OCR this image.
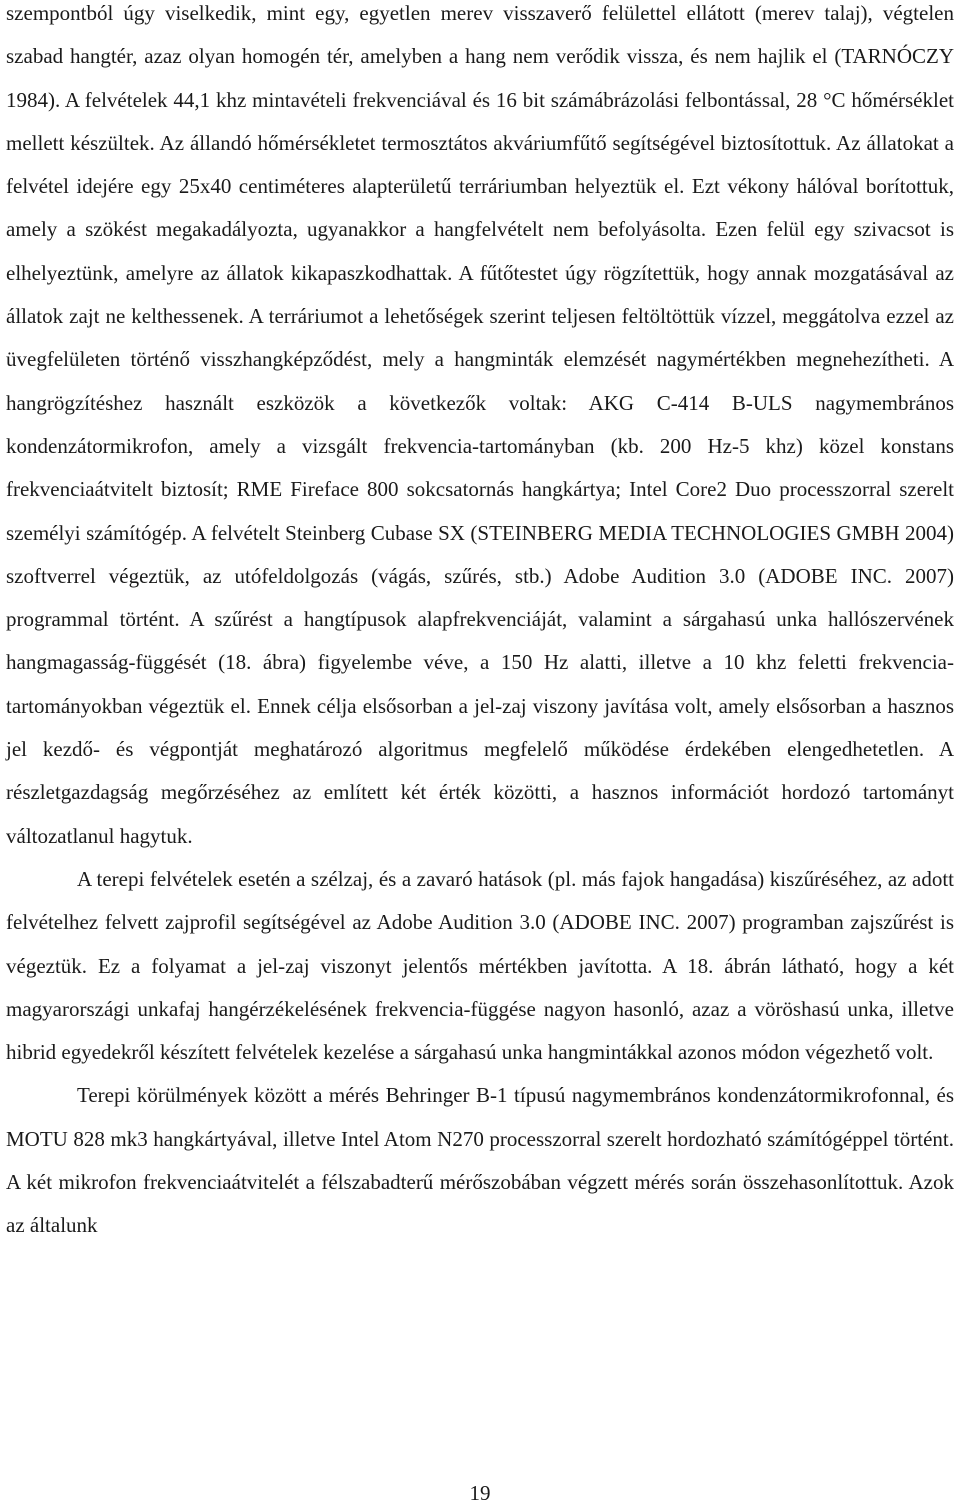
szempontból úgy viselkedik, mint egy, egyetlen merev visszaverő felülettel ellátott (merev talaj), végtelen szabad hangtér, azaz olyan homogén tér, amelyben a hang nem verődik vissza, és nem hajlik el (TARNÓCZY 1984). A felvételek 44,1 khz mintavételi frekvenciával és 16 bit számábrázolási felbontással, 28 °C hőmérséklet mellett készültek. Az állandó hőmérsékletet termosztátos akváriumfűtő segítségével biztosítottuk. Az állatokat a felvétel idejére egy 25x40 centiméteres alapterületű terráriumban helyeztük el. Ezt vékony hálóval borítottuk, amely a szökést megakadályozta, ugyanakkor a hangfelvételt nem befolyásolta. Ezen felül egy szivacsot is elhelyeztünk, amelyre az állatok kikapaszkodhattak. A fűtőtestet úgy rögzítettük, hogy annak mozgatásával az állatok zajt ne kelthessenek. A terráriumot a lehetőségek szerint teljesen feltöltöttük vízzel, meggátolva ezzel az üvegfelületen történő visszhangképződést, mely a hangminták elemzését nagymértékben megnehezítheti. A hangrögzítéshez használt eszközök a következők voltak: AKG C-414 B-ULS nagymembrános kondenzátormikrofon, amely a vizsgált frekvencia-tartományban (kb. 200 Hz-5 khz) közel konstans frekvenciaátvitelt biztosít; RME Fireface 800 sokcsatornás hangkártya; Intel Core2 Duo processzorral szerelt személyi számítógép. A felvételt Steinberg Cubase SX (STEINBERG MEDIA TECHNOLOGIES GMBH 2004) szoftverrel végeztük, az utófeldolgozás (vágás, szűrés, stb.) Adobe Audition 3.0 (ADOBE INC. 2007) programmal történt. A szűrést a hangtípusok alapfrekvenciáját, valamint a sárgahasú unka hallószervének hangmagasság-függését (18. ábra) figyelembe véve, a 150 Hz alatti, illetve a 10 khz feletti frekvencia-tartományokban végeztük el. Ennek célja elsősorban a jel-zaj viszony javítása volt, amely elsősorban a hasznos jel kezdő- és végpontját meghatározó algoritmus megfelelő működése érdekében elengedhetetlen. A részletgazdagság megőrzéséhez az említett két érték közötti, a hasznos információt hordozó tartományt változatlanul hagytuk.

A terepi felvételek esetén a szélzaj, és a zavaró hatások (pl. más fajok hangadása) kiszűréséhez, az adott felvételhez felvett zajprofil segítségével az Adobe Audition 3.0 (ADOBE INC. 2007) programban zajszűrést is végeztük. Ez a folyamat a jel-zaj viszonyt jelentős mértékben javította. A 18. ábrán látható, hogy a két magyarországi unkafaj hangérzékelésének frekvencia-függése nagyon hasonló, azaz a vöröshasú unka, illetve hibrid egyedekről készített felvételek kezelése a sárgahasú unka hangmintákkal azonos módon végezhető volt.

Terepi körülmények között a mérés Behringer B-1 típusú nagymembrános kondenzátormikrofonnal, és MOTU 828 mk3 hangkártyával, illetve Intel Atom N270 processzorral szerelt hordozható számítógéppel történt. A két mikrofon frekvenciaátvitelét a félszabadterű mérőszobában végzett mérés során összehasonlítottuk. Azok az általunk

19
